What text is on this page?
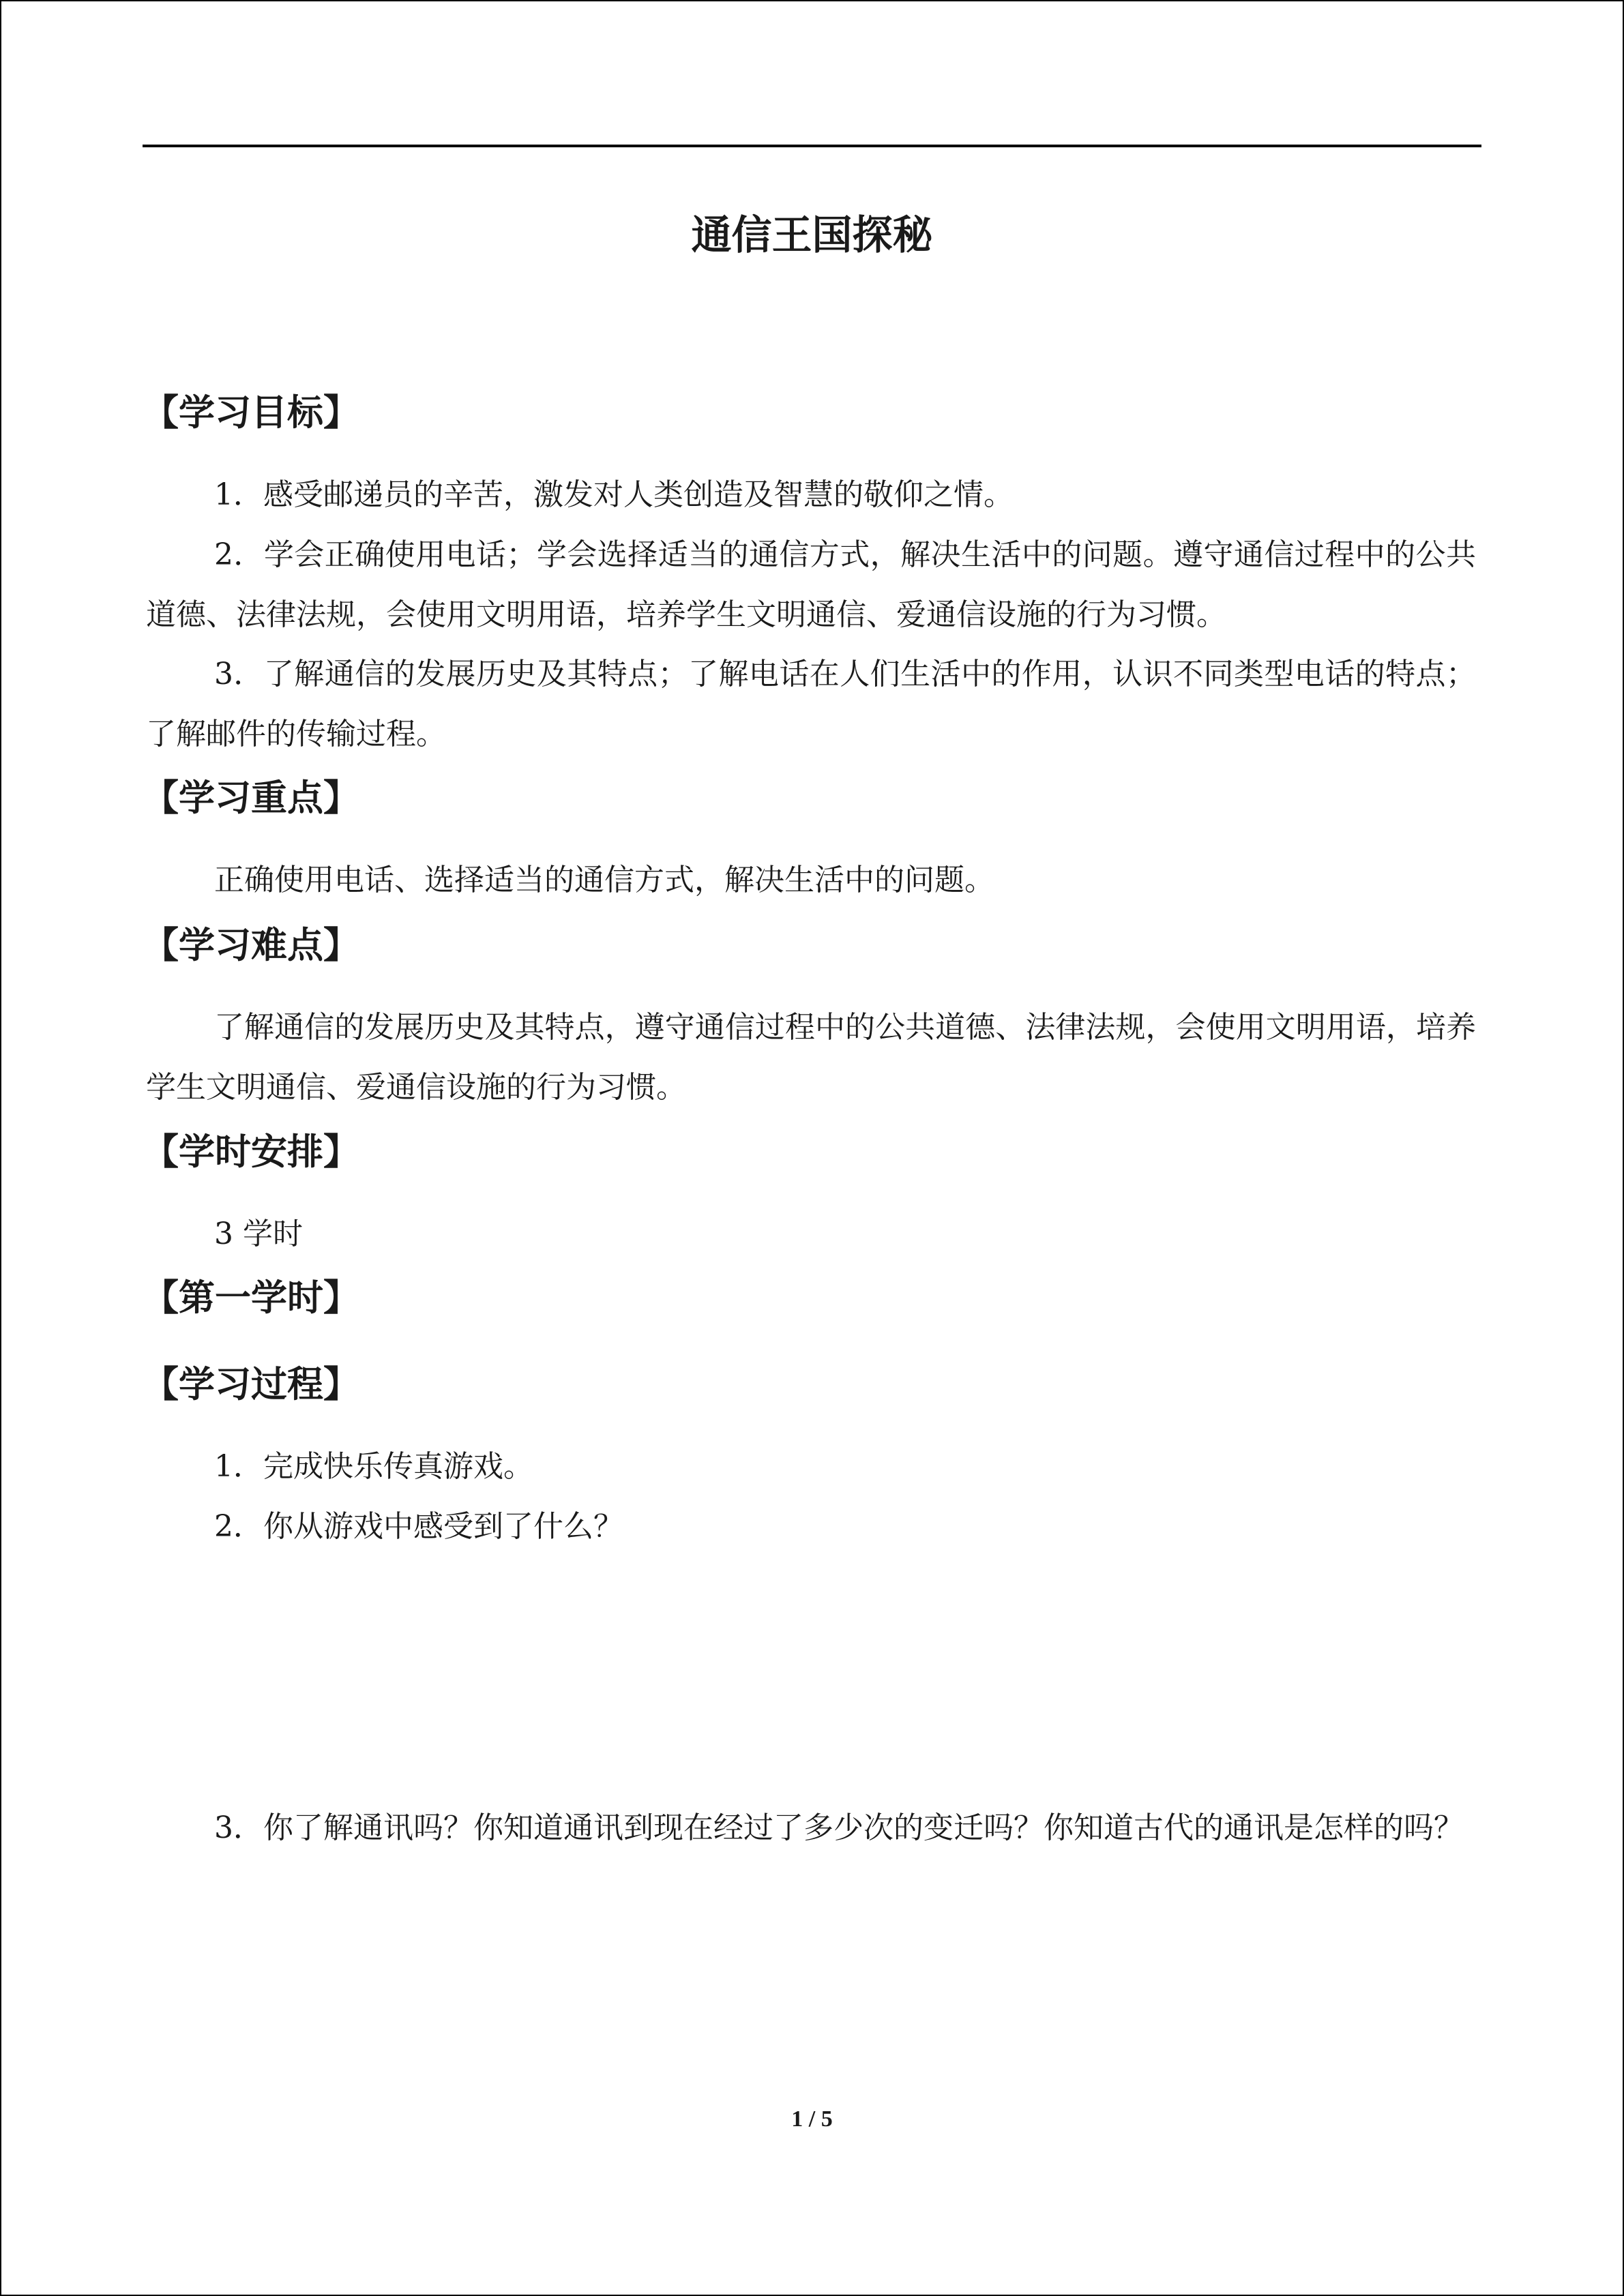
通信王国探秘
【学习目标】

1．感受邮递员的辛苦，激发对人类创造及智慧的敬仰之情。

2．学会正确使用电话；学会选择适当的通信方式，解决生活中的问题。遵守通信过程中的公共道德、法律法规，会使用文明用语，培养学生文明通信、爱通信设施的行为习惯。

3．了解通信的发展历史及其特点；了解电话在人们生活中的作用，认识不同类型电话的特点；了解邮件的传输过程。

【学习重点】

正确使用电话、选择适当的通信方式，解决生活中的问题。

【学习难点】

了解通信的发展历史及其特点，遵守通信过程中的公共道德、法律法规，会使用文明用语，培养学生文明通信、爱通信设施的行为习惯。

【学时安排】

3 学时

【第一学时】
【学习过程】

1．完成快乐传真游戏。

2．你从游戏中感受到了什么？

3．你了解通讯吗？你知道通讯到现在经过了多少次的变迁吗？你知道古代的通讯是怎样的吗？

1 / 5
